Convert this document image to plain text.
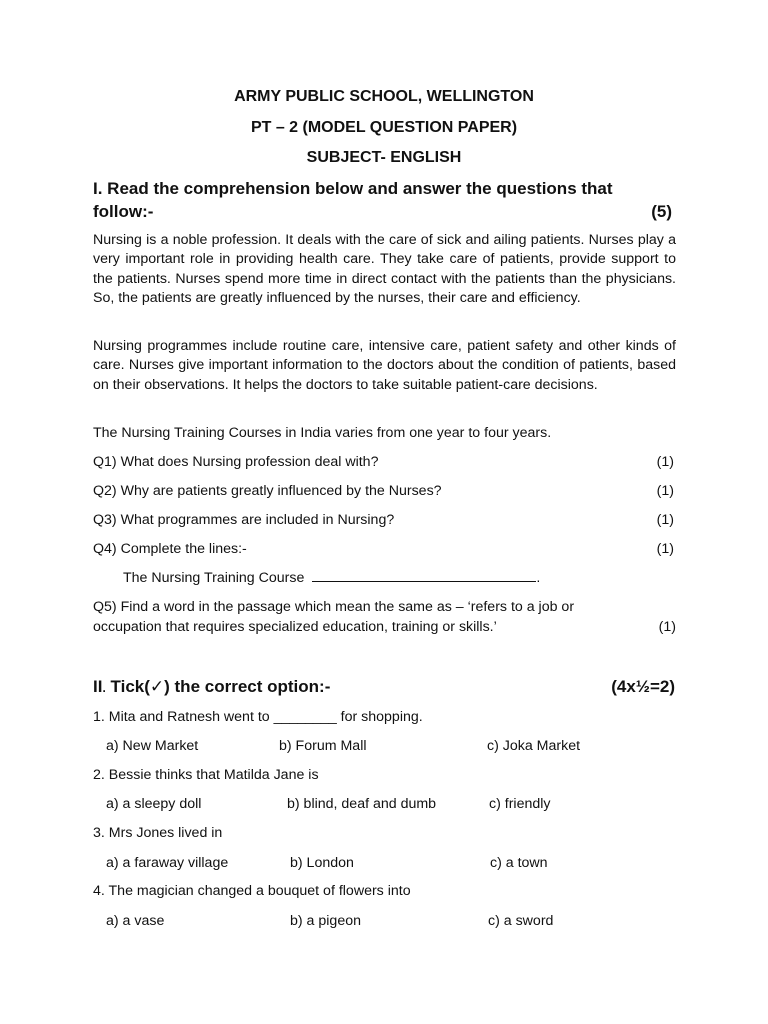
ARMY PUBLIC SCHOOL, WELLINGTON
PT – 2 (MODEL QUESTION PAPER)
SUBJECT- ENGLISH
I. Read the comprehension below and answer the questions that
follow:-	(5)
Nursing is a noble profession. It deals with the care of sick and ailing patients. Nurses play a very important role in providing health care. They take care of patients, provide support to the patients. Nurses spend more time in direct contact with the patients than the physicians. So, the patients are greatly influenced by the nurses, their care and efficiency.
Nursing programmes include routine care, intensive care, patient safety and other kinds of care. Nurses give important information to the doctors about the condition of patients, based on their observations. It helps the doctors to take suitable patient-care decisions.
The Nursing Training Courses in India varies from one year to four years.
Q1) What does Nursing profession deal with?	(1)
Q2) Why are patients greatly influenced by the Nurses?	(1)
Q3) What programmes are included in Nursing?	(1)
Q4) Complete the lines:-	(1)
The Nursing Training Course	.
Q5) Find a word in the passage which mean the same as – ‘refers to a job or
occupation that requires specialized education, training or skills.’	(1)
II. Tick(✓) the correct option:-	(4x½=2)
1. Mita and Ratnesh went to ________ for shopping.
a) New Market	b) Forum Mall	c) Joka Market
2. Bessie thinks that Matilda Jane is
a) a sleepy doll	b) blind, deaf and dumb	c) friendly
3. Mrs Jones lived in
a) a faraway village	b) London	c) a town
4. The magician changed a bouquet of flowers into
a) a vase	b) a pigeon	c) a sword
